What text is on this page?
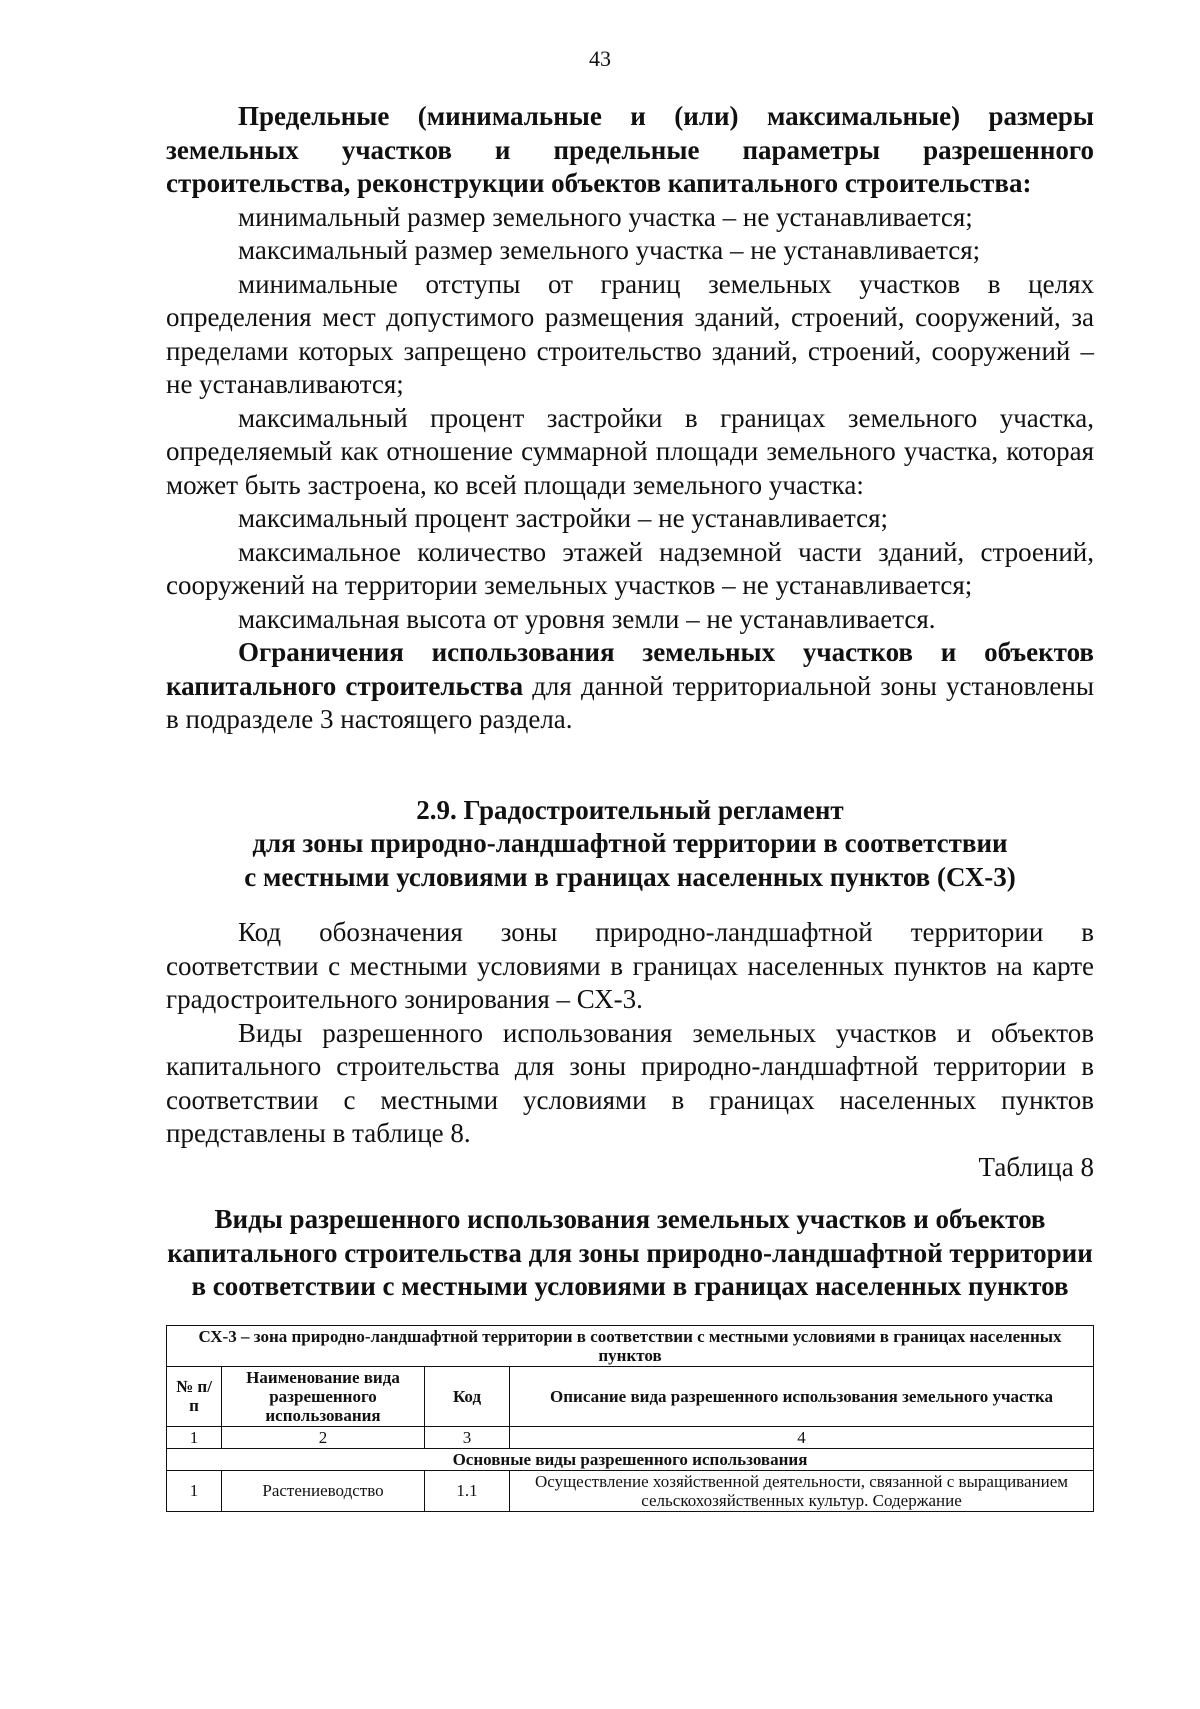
43

Предельные (минимальные и (или) максимальные) размеры земельных участков и предельные параметры разрешенного строительства, реконструкции объектов капитального строительства:

минимальный размер земельного участка – не устанавливается;

максимальный размер земельного участка – не устанавливается;

минимальные отступы от границ земельных участков в целях определения мест допустимого размещения зданий, строений, сооружений, за пределами которых запрещено строительство зданий, строений, сооружений – не устанавливаются;

максимальный процент застройки в границах земельного участка, определяемый как отношение суммарной площади земельного участка, которая может быть застроена, ко всей площади земельного участка:

максимальный процент застройки – не устанавливается;

максимальное количество этажей надземной части зданий, строений, сооружений на территории земельных участков – не устанавливается;

максимальная высота от уровня земли – не устанавливается.

Ограничения использования земельных участков и объектов капитального строительства для данной территориальной зоны установлены в подразделе 3 настоящего раздела.

2.9. Градостроительный регламент
для зоны природно-ландшафтной территории в соответствии
с местными условиями в границах населенных пунктов (СХ-3)

Код обозначения зоны природно-ландшафтной территории в соответствии с местными условиями в границах населенных пунктов на карте градостроительного зонирования – СХ-3.

Виды разрешенного использования земельных участков и объектов капитального строительства для зоны природно-ландшафтной территории в соответствии с местными условиями в границах населенных пунктов представлены в таблице 8.

Таблица 8

Виды разрешенного использования земельных участков и объектов капитального строительства для зоны природно-ландшафтной территории в соответствии с местными условиями в границах населенных пунктов

СХ-3 – зона природно-ландшафтной территории в соответствии с местными условиями в границах населенных пунктов			
№ п/п	Наименование вида разрешенного использования	Код	Описание вида разрешенного использования земельного участка
1	2	3	4
Основные виды разрешенного использования			
1	Растениеводство	1.1	Осуществление хозяйственной деятельности, связанной с выращиванием сельскохозяйственных культур. Содержание
